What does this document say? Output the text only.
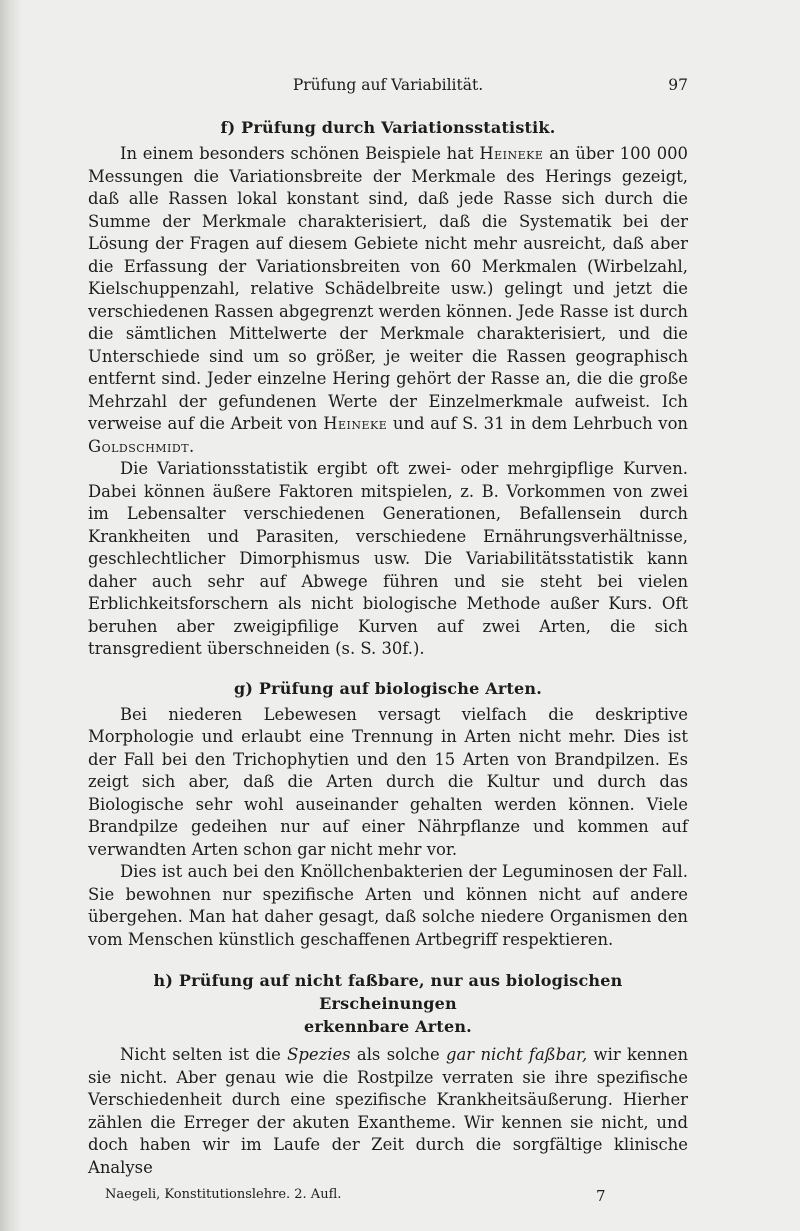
Prüfung auf Variabilität.	97
f) Prüfung durch Variationsstatistik.

In einem besonders schönen Beispiele hat Heineke an über 100 000 Messungen die Variationsbreite der Merkmale des Herings gezeigt, daß alle Rassen lokal konstant sind, daß jede Rasse sich durch die Summe der Merkmale charakterisiert, daß die Systematik bei der Lösung der Fragen auf diesem Gebiete nicht mehr ausreicht, daß aber die Erfassung der Variationsbreiten von 60 Merkmalen (Wirbelzahl, Kielschuppenzahl, relative Schädelbreite usw.) gelingt und jetzt die verschiedenen Rassen abgegrenzt werden können. Jede Rasse ist durch die sämtlichen Mittelwerte der Merkmale charakterisiert, und die Unterschiede sind um so größer, je weiter die Rassen geographisch entfernt sind. Jeder einzelne Hering gehört der Rasse an, die die große Mehrzahl der gefundenen Werte der Einzelmerkmale aufweist. Ich verweise auf die Arbeit von Heineke und auf S. 31 in dem Lehrbuch von Goldschmidt.

Die Variationsstatistik ergibt oft zwei- oder mehrgipflige Kurven. Dabei können äußere Faktoren mitspielen, z. B. Vorkommen von zwei im Lebensalter verschiedenen Generationen, Befallensein durch Krankheiten und Parasiten, verschiedene Ernährungsverhältnisse, geschlechtlicher Dimorphismus usw. Die Variabilitätsstatistik kann daher auch sehr auf Abwege führen und sie steht bei vielen Erblichkeitsforschern als nicht biologische Methode außer Kurs. Oft beruhen aber zweigipfilige Kurven auf zwei Arten, die sich transgredient überschneiden (s. S. 30f.).

g) Prüfung auf biologische Arten.

Bei niederen Lebewesen versagt vielfach die deskriptive Morphologie und erlaubt eine Trennung in Arten nicht mehr. Dies ist der Fall bei den Trichophytien und den 15 Arten von Brandpilzen. Es zeigt sich aber, daß die Arten durch die Kultur und durch das Biologische sehr wohl auseinander gehalten werden können. Viele Brandpilze gedeihen nur auf einer Nährpflanze und kommen auf verwandten Arten schon gar nicht mehr vor.

Dies ist auch bei den Knöllchenbakterien der Leguminosen der Fall. Sie bewohnen nur spezifische Arten und können nicht auf andere übergehen. Man hat daher gesagt, daß solche niedere Organismen den vom Menschen künstlich geschaffenen Artbegriff respektieren.

h) Prüfung auf nicht faßbare, nur aus biologischen Erscheinungen
erkennbare Arten.

Nicht selten ist die Spezies als solche gar nicht faßbar, wir kennen sie nicht. Aber genau wie die Rostpilze verraten sie ihre spezifische Verschiedenheit durch eine spezifische Krankheitsäußerung. Hierher zählen die Erreger der akuten Exantheme. Wir kennen sie nicht, und doch haben wir im Laufe der Zeit durch die sorgfältige klinische Analyse

Naegeli, Konstitutionslehre. 2. Aufl.	7
